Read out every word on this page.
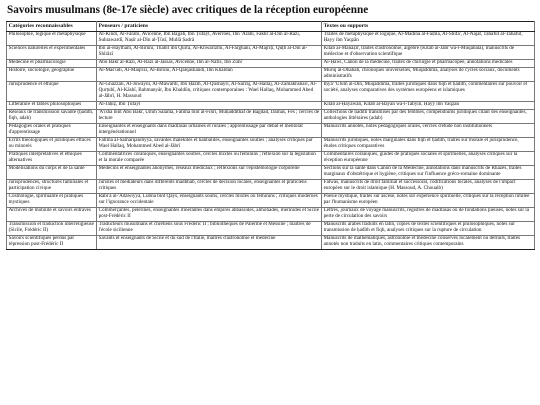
Savoirs musulmans (8e-17e siècle) avec critiques de la réception européenne
Catégories reconnaissables	Penseurs / praticiens	Textes ou supports
Philosophie, logique et métaphysique	Al-Kindī, Al-Fārābī, Avicenne, Ibn Bājjah, Ibn Ṭufayl, Averroès, Ibn 'Arabī, Fakhr al-Dīn al-Rāzī, Suhrawardī, Naṣīr al-Dīn al-Ṭūsī, Mullā Ṣadrā	Traités de métaphysique et logique, Al-Madīna al-Fāḍila, Al-Shifā', Al-Najāt, Tahāfut al-Tahāfut, Ḥayy ibn Yaqẓān
Sciences naturelles et expérimentales	Ibn al-Haytham, Al-Bīrūnī, Thābit ibn Qurra, Al-Khwārizmī, Al-Farghānī, Al-Majrīṭī, Quṭb al-Dīn al-Shīrāzī	Kitāb al-Manāẓir, traités d'astronomie, algèbre (Kitāb al-Jabr wa-l-Muqābala), manuscrits de médecine et d'observation scientifique
Médecine et pharmacologie	Abū Bakr al-Rāzī, Al-Rāzī al-Jassās, Avicenne, Ibn al-Nafīs, Ibn Zuhr	Al-Ḥāwī, Canon de la médecine, traités de chirurgie et pharmacopée, annotations médicales
Histoire, sociologie, géographie	Al-Mas'ūdī, Al-Maqrīzī, Al-Bīrūnī, Al-Qalqashandī, Ibn Khaldūn	Murūj al-Dhahab, chroniques universelles, Muqaddima, analyses de cycles sociaux, documents administratifs
Jurisprudence et éthique	Al-Ghazzālī, Al-Juwaynī, Al-Māwardī, Ibn Ḥazm, Al-Qushayrī, Al-Sarrāj, Al-Hallāj, Al-Zamakhsharī, Al-Qurṭubī, Al-Kāshī, Bahmanyār, Ibn Khaldūn, critiques contemporaines : Wael Hallaq, Mohammed Abed al-Jābrī, H. Massoud	Iḥyā' 'Ulūm al-Dīn, Muqaddima, traités juridiques dans fiqh et ḥadīth, commentaires sur pouvoir et société, analyses comparatives des systèmes européens et islamiques
Littérature et fables philosophiques	Al-Jāḥiẓ, Ibn Ṭufayl	Kitāb al-Ḥayawān, Kitāb al-Bayān wa-l-Tabyīn, Ḥayy ibn Yaqẓān
Réseaux de transmission savante (ḥadīth, fiqh, adab)	'A'isha bint Abu Bakr, Umm Salama, Fatima bint al-Fihri, Muḥaddithāt de Bagdad, Damas, Fès ; cercles de lecture	Collections de ḥadīth transmises par des femmes, compendiums juridiques citant des enseignantes, anthologies littéraires (adab)
Pédagogies orales et pratiques d'apprentissage	Enseignantes et enseignants dans madrasas urbaines et rurales ; apprentissage par débat et mentorat intergénérationnel	Manuscrits annotés, notes pédagogiques orales, cercles d'étude non institutionnels
Écrits théologiques et juridiques effacés ou minorés	Fatima al-Samarqandiyya, savantes malékites et hanbalites, enseignantes soufies ; analyses critiques par Wael Hallaq, Mohammed Abed al-Jābrī	Manuscrits juridiques, notes marginales dans fiqh et ḥadīth, traités sur morale et jurisprudence, études critiques comparatives
Pratiques interprétatives et éthiques alternatives	Commentatrices coraniques, enseignantes soufies, cercles mixtes ou féminins ; réflexion sur la législation et la morale comparée	Commentaires coraniques, guides de pratiques sociales et spirituelles, analyses critiques sur la réception européenne
Modélisations du corps et de la santé	Médecins et enseignantes anonymes, réseaux médicaux ; réflexions sur l'épistémologie corporelle	Sections sur la santé dans Canon de la Médecine, annotations dans manuscrits de Rhazès, traités marginaux d'obstétrique et hygiène, critiques sur l'influence gréco-romaine dominante
Jurisprudences, structures familiales et participation civique	Juristes et médiateurs dans différents madhhab, cercles de décision locales, enseignantes et praticiens critiques	Fatwas, manuscrits de droit familial et successoral, codifications locales, analyses de l'impact européen sur le droit islamique (H. Massoud, A. Chouaib)
Cosmologie, spiritualité et pratiques mystiques	Rabi'a al-'Adawiyya, Lubna bint Qays, enseignants soufis, cercles mixtes ou féminins ; critiques modernes sur l'ignorance occidentale	Poésie mystique, traités sur ascèse, notes sur expérience spirituelle, critiques sur la réception limitée par l'humanisme européen
Archives de mobilité et savoirs entravés	Commerçantes, pèlerines, enseignantes itinérantes dans empires abbassides, almohades, mérinides et Sicile post-Frédéric II	Lettres, journaux de voyage manuscrits, registres de madrasas ou de fondations pieuses, notes sur la perte de circulation des savoirs
Transmission et traduction interreligieuse (Sicile, Frédéric II)	Traducteurs musulmans et chrétiens sous Frédéric II ; bibliothèques de Palerme et Messine ; maîtres de l'école sicilienne	Manuscrits arabes traduits en latin, copies de textes scientifiques et philosophiques, notes sur transmission de ḥadīth et fiqh, analyses critiques sur la rupture de circulation
Savoirs scientifiques perdus par répression post-Frédéric II	Savants et enseignants de Sicile et du sud de l'Italie, maîtres d'astronomie et médecine	Manuscrits de mathématiques, astronomie et médecine conservés localement ou détruits, traités annotés non traduits en latin, commentaires critiques contemporains
